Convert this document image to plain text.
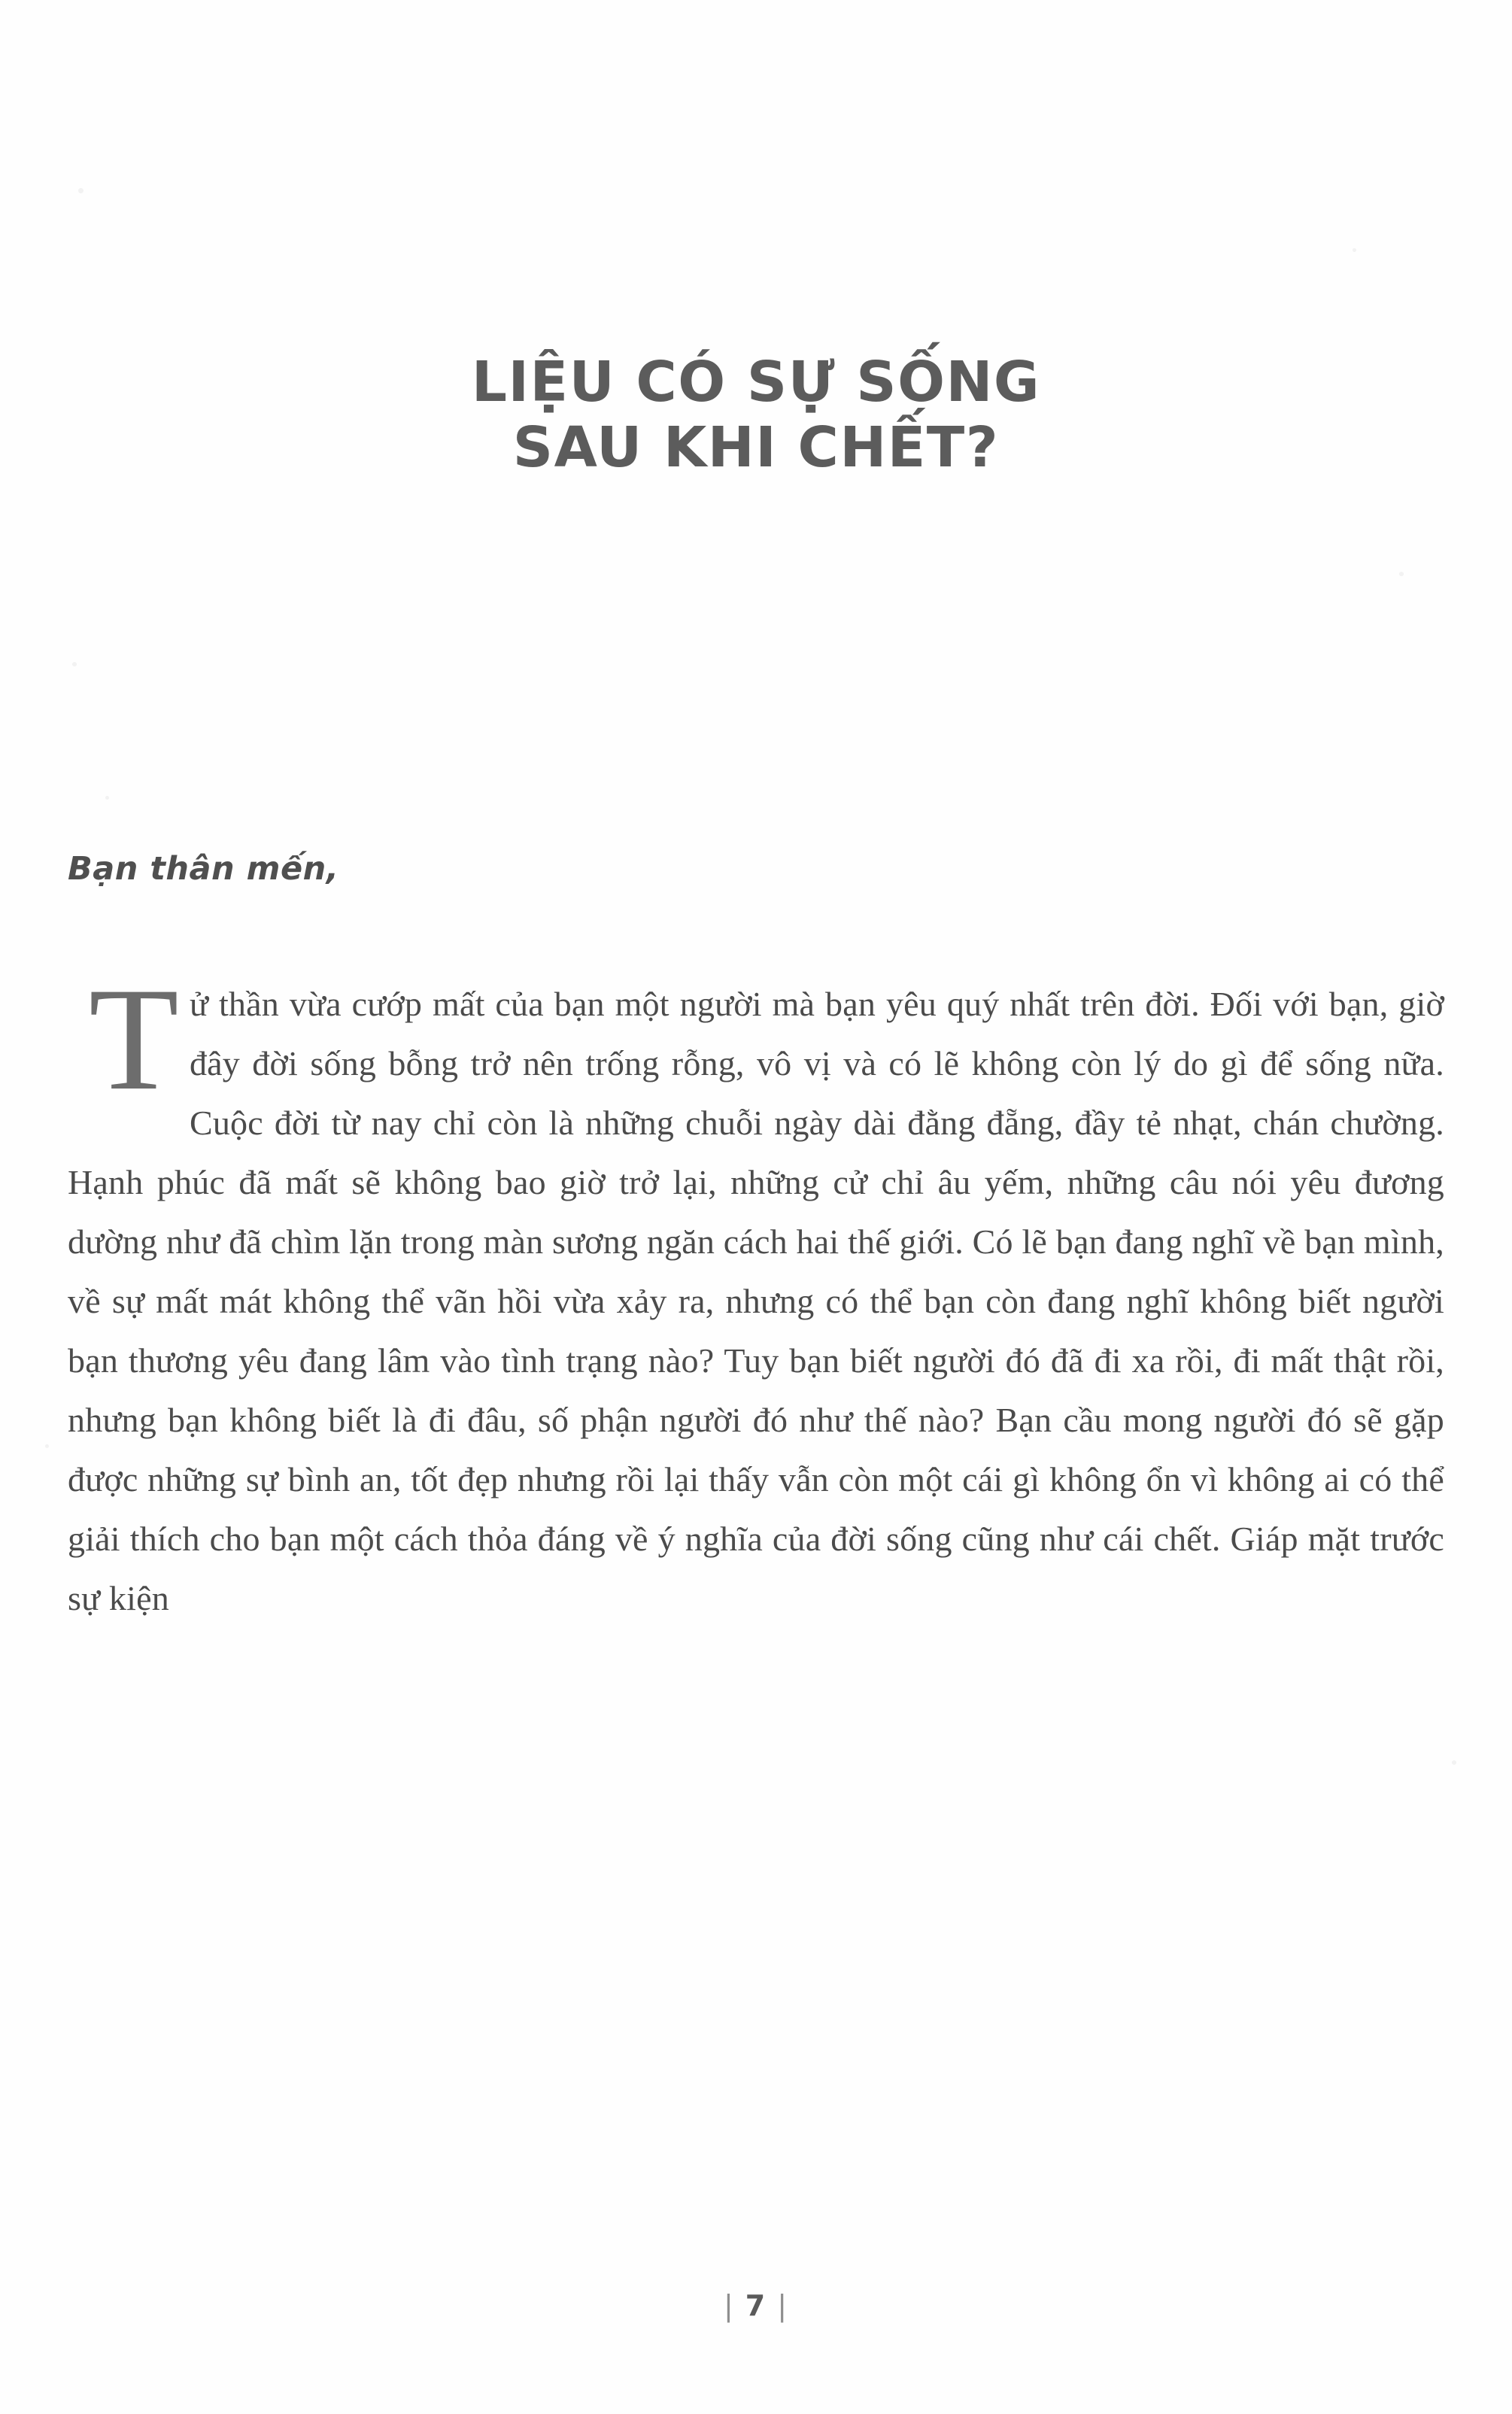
LIỆU CÓ SỰ SỐNG
SAU KHI CHẾT?
Bạn thân mến,
Tử thần vừa cướp mất của bạn một người mà bạn yêu quý nhất trên đời. Đối với bạn, giờ đây đời sống bỗng trở nên trống rỗng, vô vị và có lẽ không còn lý do gì để sống nữa. Cuộc đời từ nay chỉ còn là những chuỗi ngày dài đằng đẵng, đầy tẻ nhạt, chán chường. Hạnh phúc đã mất sẽ không bao giờ trở lại, những cử chỉ âu yếm, những câu nói yêu đương dường như đã chìm lặn trong màn sương ngăn cách hai thế giới. Có lẽ bạn đang nghĩ về bạn mình, về sự mất mát không thể vãn hồi vừa xảy ra, nhưng có thể bạn còn đang nghĩ không biết người bạn thương yêu đang lâm vào tình trạng nào? Tuy bạn biết người đó đã đi xa rồi, đi mất thật rồi, nhưng bạn không biết là đi đâu, số phận người đó như thế nào? Bạn cầu mong người đó sẽ gặp được những sự bình an, tốt đẹp nhưng rồi lại thấy vẫn còn một cái gì không ổn vì không ai có thể giải thích cho bạn một cách thỏa đáng về ý nghĩa của đời sống cũng như cái chết. Giáp mặt trước sự kiện
| 7 |
